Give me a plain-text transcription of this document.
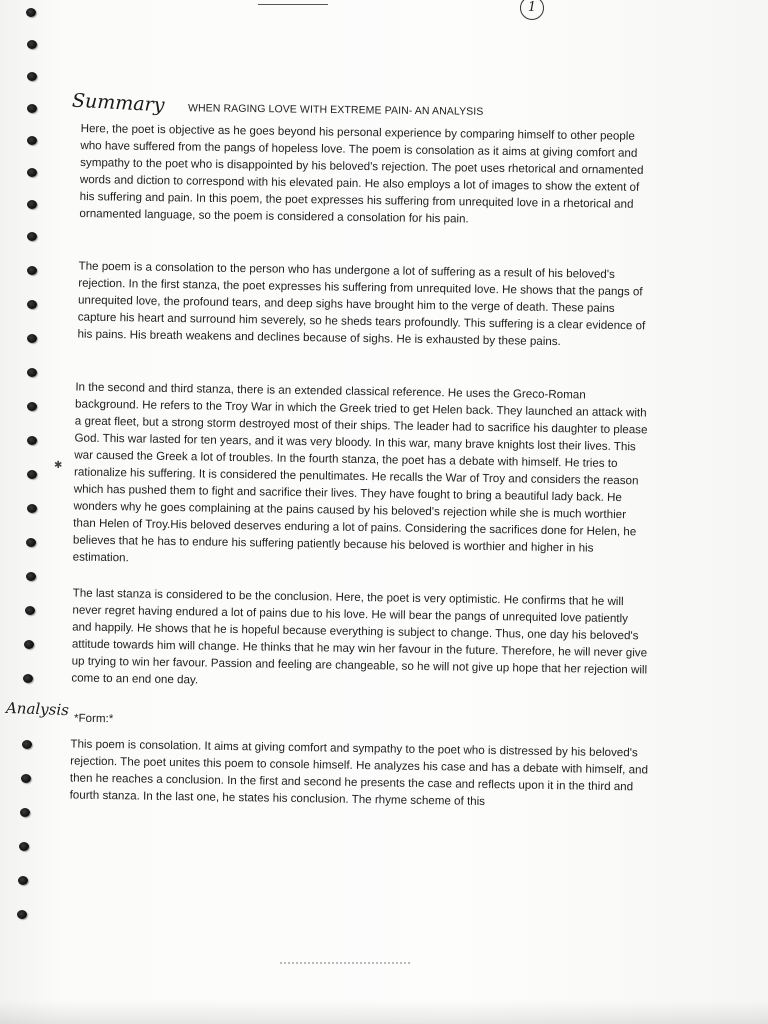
1
Summary WHEN RAGING LOVE WITH EXTREME PAIN- AN ANALYSIS

Here, the poet is objective as he goes beyond his personal experience by comparing himself to other people who have suffered from the pangs of hopeless love. The poem is consolation as it aims at giving comfort and sympathy to the poet who is disappointed by his beloved's rejection. The poet uses rhetorical and ornamented words and diction to correspond with his elevated pain. He also employs a lot of images to show the extent of his suffering and pain. In this poem, the poet expresses his suffering from unrequited love in a rhetorical and ornamented language, so the poem is considered a consolation for his pain.

The poem is a consolation to the person who has undergone a lot of suffering as a result of his beloved's rejection. In the first stanza, the poet expresses his suffering from unrequited love. He shows that the pangs of unrequited love, the profound tears, and deep sighs have brought him to the verge of death. These pains capture his heart and surround him severely, so he sheds tears profoundly. This suffering is a clear evidence of his pains. His breath weakens and declines because of sighs. He is exhausted by these pains.

✱

In the second and third stanza, there is an extended classical reference. He uses the Greco-Roman background. He refers to the Troy War in which the Greek tried to get Helen back. They launched an attack with a great fleet, but a strong storm destroyed most of their ships. The leader had to sacrifice his daughter to please God. This war lasted for ten years, and it was very bloody. In this war, many brave knights lost their lives. This war caused the Greek a lot of troubles. In the fourth stanza, the poet has a debate with himself. He tries to rationalize his suffering. It is considered the penultimates. He recalls the War of Troy and considers the reason which has pushed them to fight and sacrifice their lives. They have fought to bring a beautiful lady back. He wonders why he goes complaining at the pains caused by his beloved's rejection while she is much worthier than Helen of Troy.His beloved deserves enduring a lot of pains. Considering the sacrifices done for Helen, he believes that he has to endure his suffering patiently because his beloved is worthier and higher in his estimation.

The last stanza is considered to be the conclusion. Here, the poet is very optimistic. He confirms that he will never regret having endured a lot of pains due to his love. He will bear the pangs of unrequited love patiently and happily. He shows that he is hopeful because everything is subject to change. Thus, one day his beloved's attitude towards him will change. He thinks that he may win her favour in the future. Therefore, he will never give up trying to win her favour. Passion and feeling are changeable, so he will not give up hope that her rejection will come to an end one day.

Analysis *Form:*

This poem is consolation. It aims at giving comfort and sympathy to the poet who is distressed by his beloved's rejection. The poet unites this poem to console himself. He analyzes his case and has a debate with himself, and then he reaches a conclusion. In the first and second he presents the case and reflects upon it in the third and fourth stanza. In the last one, he states his conclusion. The rhyme scheme of this
